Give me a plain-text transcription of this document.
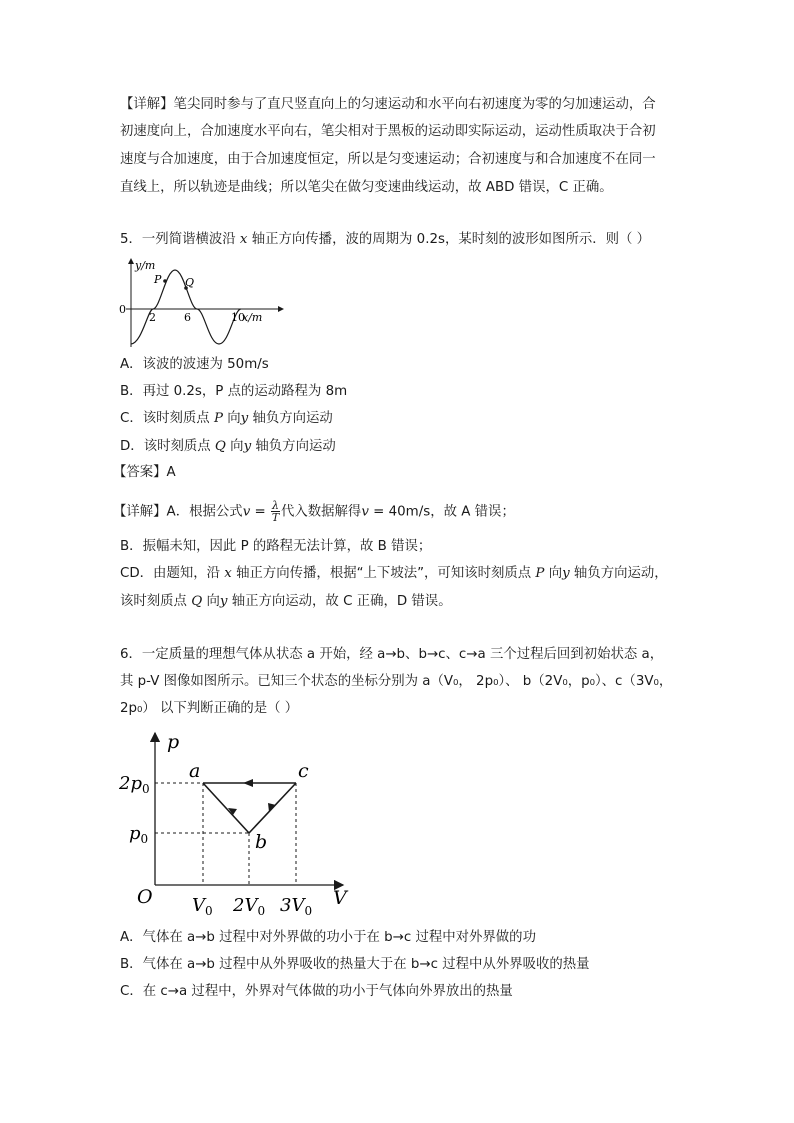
【详解】笔尖同时参与了直尺竖直向上的匀速运动和水平向右初速度为零的匀加速运动，合
初速度向上，合加速度水平向右，笔尖相对于黑板的运动即实际运动，运动性质取决于合初
速度与合加速度，由于合加速度恒定，所以是匀变速运动；合初速度与和合加速度不在同一
直线上，所以轨迹是曲线；所以笔尖在做匀变速曲线运动，故 ABD 错误，C 正确。
5．一列简谐横波沿 x 轴正方向传播，波的周期为 0.2s，某时刻的波形如图所示．则（ ）
y/m
x/m
0
2	6	10
P Q
A．该波的波速为 50m/s
B．再过 0.2s，P 点的运动路程为 8m
C．该时刻质点 P 向y 轴负方向运动
D．该时刻质点 Q 向y 轴负方向运动
【答案】A
【详解】A．根据公式$v = \frac{\lambda}{T}$ 代入数据解得v = 40m/s，故 A 错误；
B．振幅未知，因此 P 的路程无法计算，故 B 错误；
CD．由题知，沿 x 轴正方向传播，根据“上下坡法”，可知该时刻质点 P 向y 轴负方向运动，
该时刻质点 Q 向y 轴正方向运动，故 C 正确，D 错误。
6．一定质量的理想气体从状态 a 开始，经 a→b、b→c、c→a 三个过程后回到初始状态 a，
其 p-V 图像如图所示。已知三个状态的坐标分别为 a（V₀， 2p₀）、 b（2V₀，p₀）、c（3V₀，
2p₀） 以下判断正确的是（ ）
p
V
O
$2p_0$
$p_0$
$V_0$ $2V_0$ $3V_0$
a
b
c
A．气体在 a→b 过程中对外界做的功小于在 b→c 过程中对外界做的功
B．气体在 a→b 过程中从外界吸收的热量大于在 b→c 过程中从外界吸收的热量
C．在 c→a 过程中，外界对气体做的功小于气体向外界放出的热量
